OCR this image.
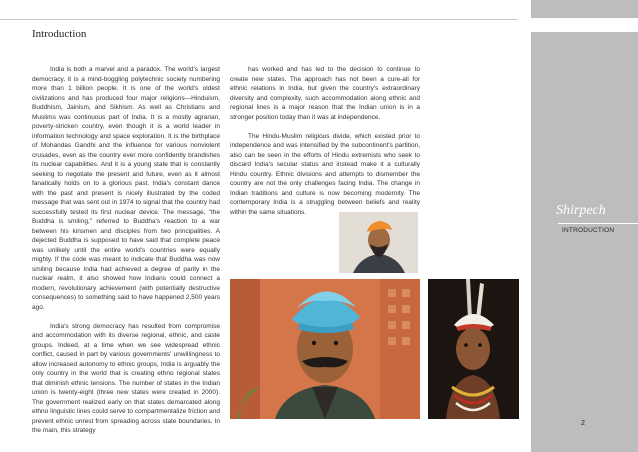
Introduction

India is both a marvel and a paradox. The world's largest democracy, it is a mind-boggling polytechnic society numbering more than 1 billion people. It is one of the world's oldest civilizations and has produced four major religions—Hinduism, Buddhism, Jainism, and Sikhism. As well as Christians and Muslims was continuous part of India. It is a mostly agrarian, poverty-stricken country, even though it is a world leader in information technology and space exploration. It is the birthplace of Mohandas Gandhi and the influence for various nonviolent crusades, even as the country ever more confidently brandishes its nuclear capabilities. And it is a young state that is constantly seeking to negotiate the present and future, even as it almost fanatically holds on to a glorious past. India's constant dance with the past and present is nicely illustrated by the coded message that was sent out in 1974 to signal that the country had successfully tested its first nuclear device. The message, "the Buddha is smiling," referred to Buddha's reaction to a war between his kinsmen and disciples from two principalities. A dejected Buddha is supposed to have said that complete peace was unlikely until the entire world's countries were equally mighty. If the code was meant to indicate that Buddha was now smiling because India had achieved a degree of parity in the nuclear realm, it also showed how Indians could connect a modern, revolutionary achievement (with potentially destructive consequences) to something said to have happened 2,500 years ago.

India's strong democracy has resulted from compromise and accommodation with its diverse regional, ethnic, and caste groups. Indeed, at a time when we see widespread ethnic conflict, caused in part by various governments' unwillingness to allow increased autonomy to ethnic groups, India is arguably the only country in the world that is creating ethno regional states that diminish ethnic tensions. The number of states in the Indian union is twenty-eight (three new states were created in 2000). The government realized early on that states demarcated along ethno linguistic lines could serve to compartmentalize friction and prevent ethnic unrest from spreading across state boundaries. In the main, this strategy

has worked and has led to the decision to continue to create new states. The approach has not been a cure-all for ethnic relations in India, but given the country's extraordinary diversity and complexity, such accommodation along ethnic and regional lines is a major reason that the Indian union is in a stronger position today than it was at independence.

The Hindu-Muslim religious divide, which existed prior to independence and was intensified by the subcontinent's partition, also can be seen in the efforts of Hindu extremists who seek to discard India's secular status and instead make it a culturally Hindu country. Ethnic divisions and attempts to dismember the country are not the only challenges facing India. The change in Indian traditions and culture is now becoming modernity. The contemporary India is a struggling between beliefs and reality within the same situations.	Shirpech
INTRODUCTION
2
